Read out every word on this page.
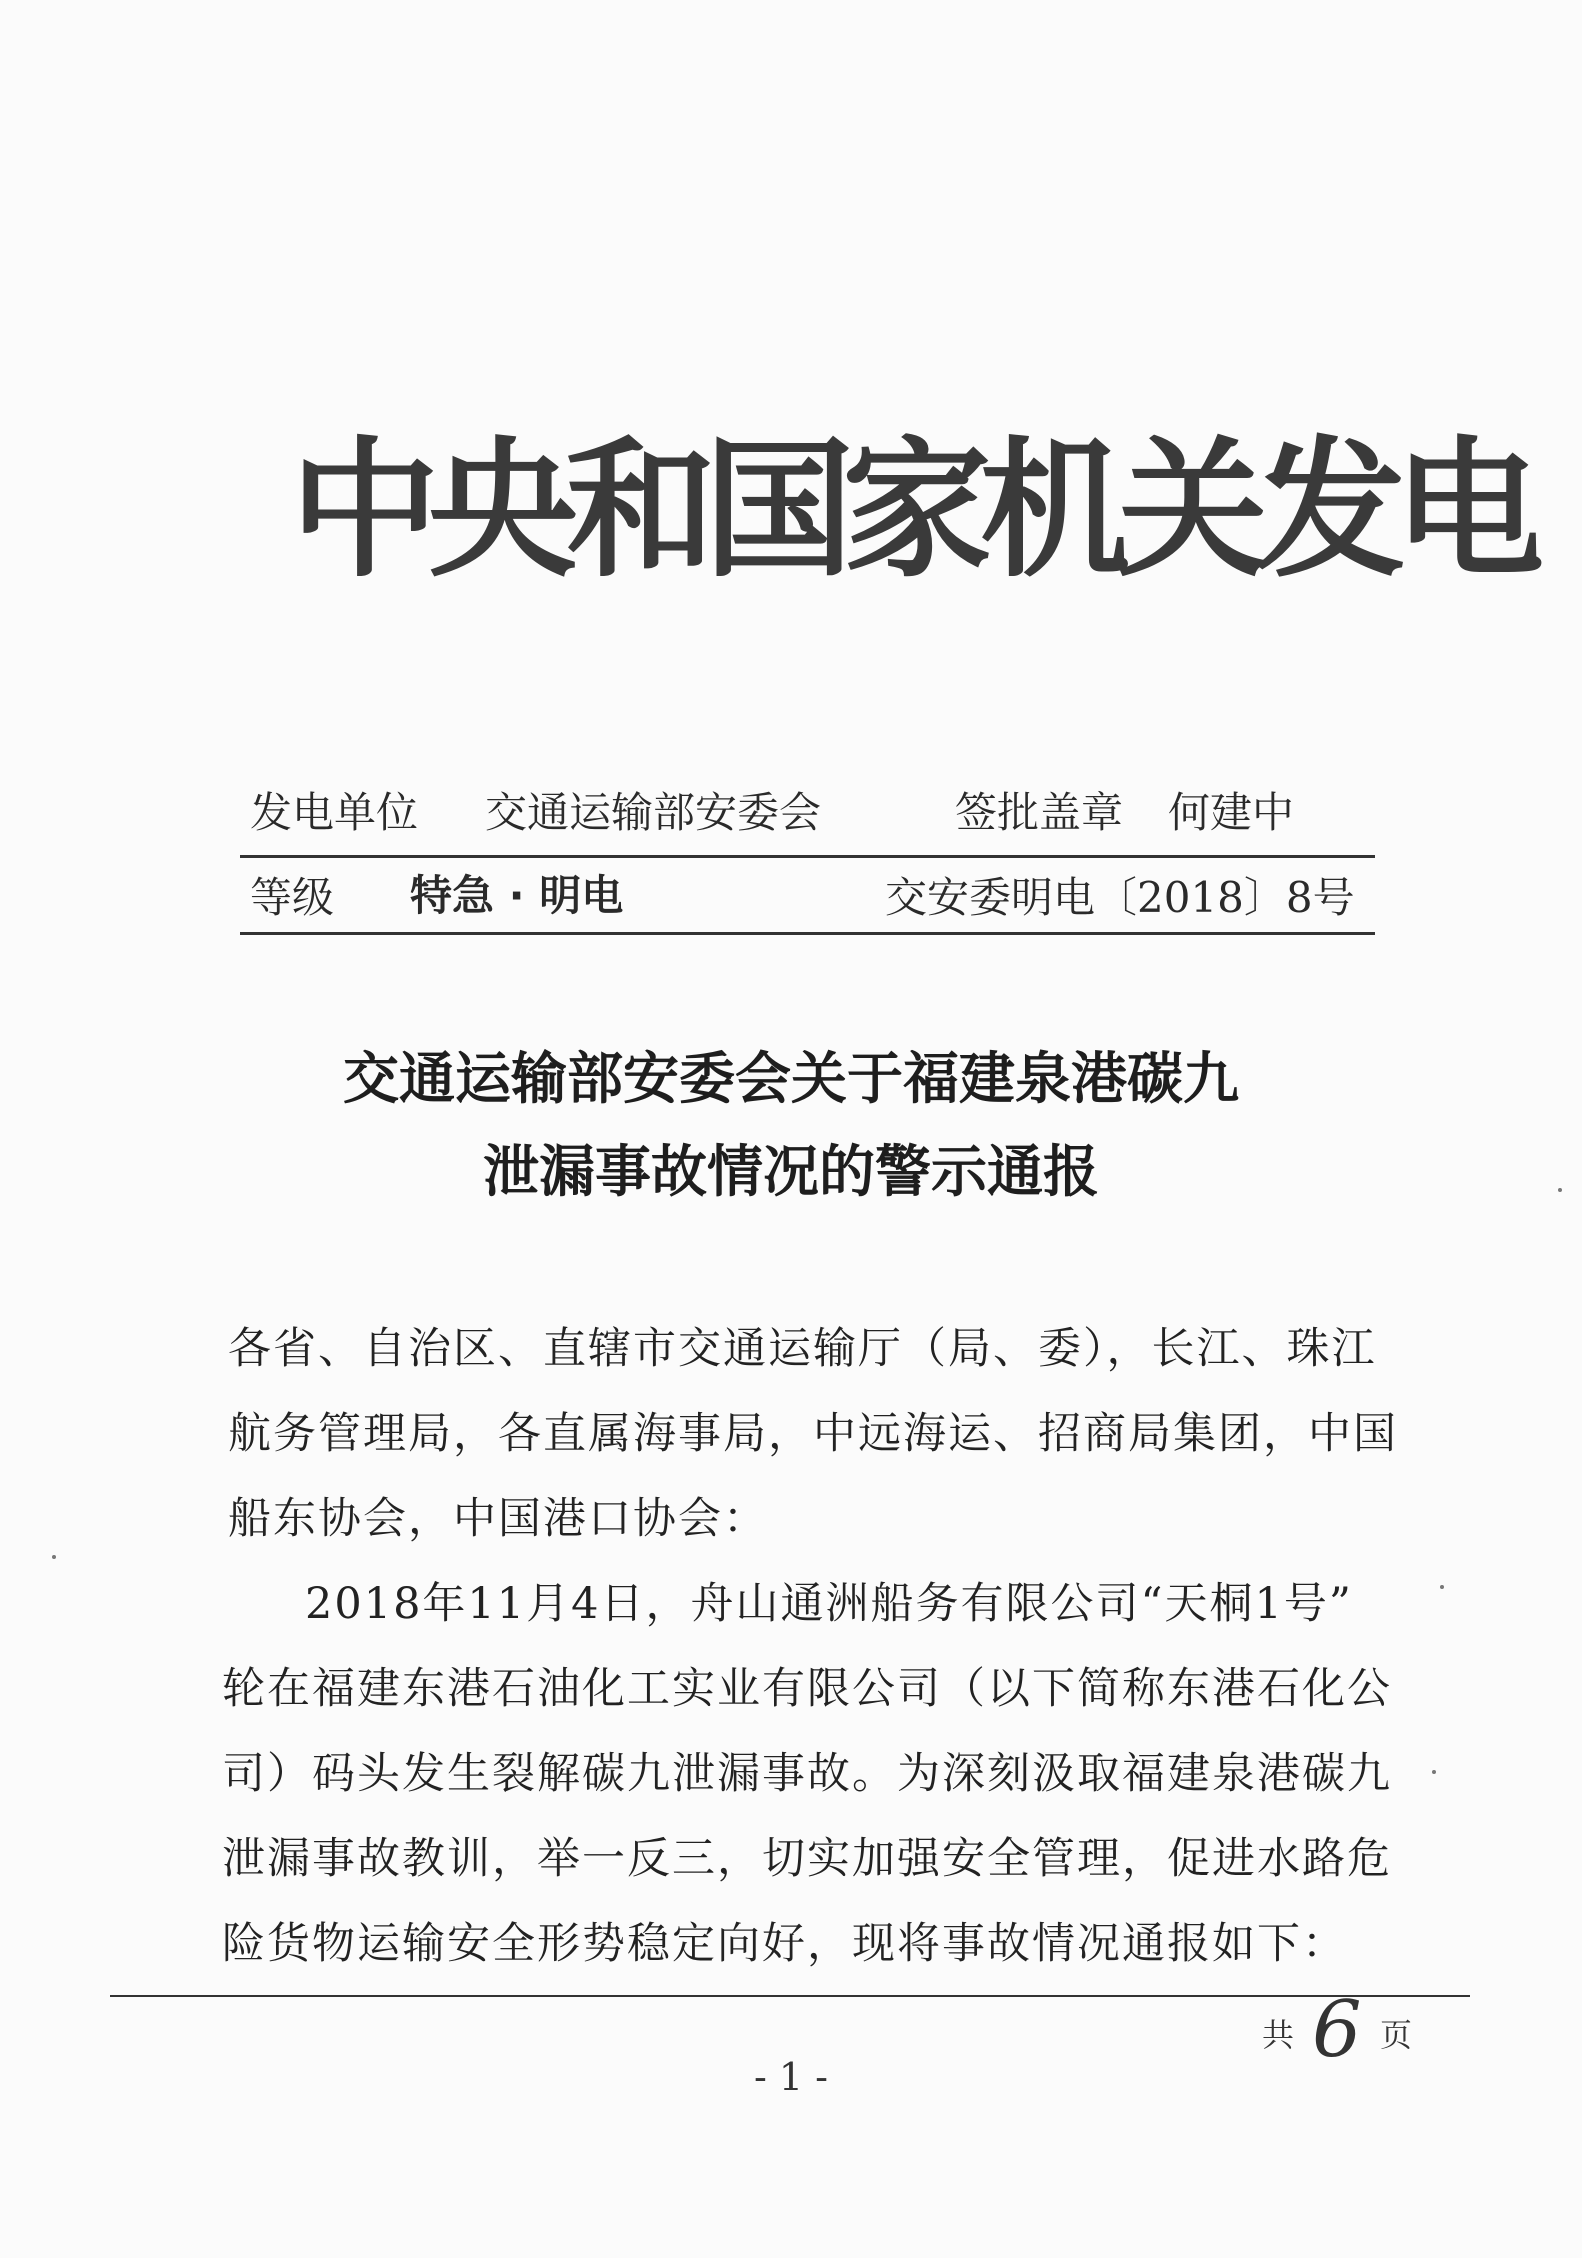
中央和国家机关发电
发电单位 交通运输部安委会	签批盖章 何建中
等级 特急 · 明电	交安委明电〔2018〕8号
交通运输部安委会关于福建泉港碳九
泄漏事故情况的警示通报
各省、自治区、直辖市交通运输厅（局、委），长江、珠江
航务管理局，各直属海事局，中远海运、招商局集团，中国
船东协会，中国港口协会：
2018年11月4日，舟山通洲船务有限公司“天桐1号”
轮在福建东港石油化工实业有限公司（以下简称东港石化公
司）码头发生裂解碳九泄漏事故。为深刻汲取福建泉港碳九
泄漏事故教训，举一反三，切实加强安全管理，促进水路危
险货物运输安全形势稳定向好，现将事故情况通报如下：
共 6 页
- 1 -
